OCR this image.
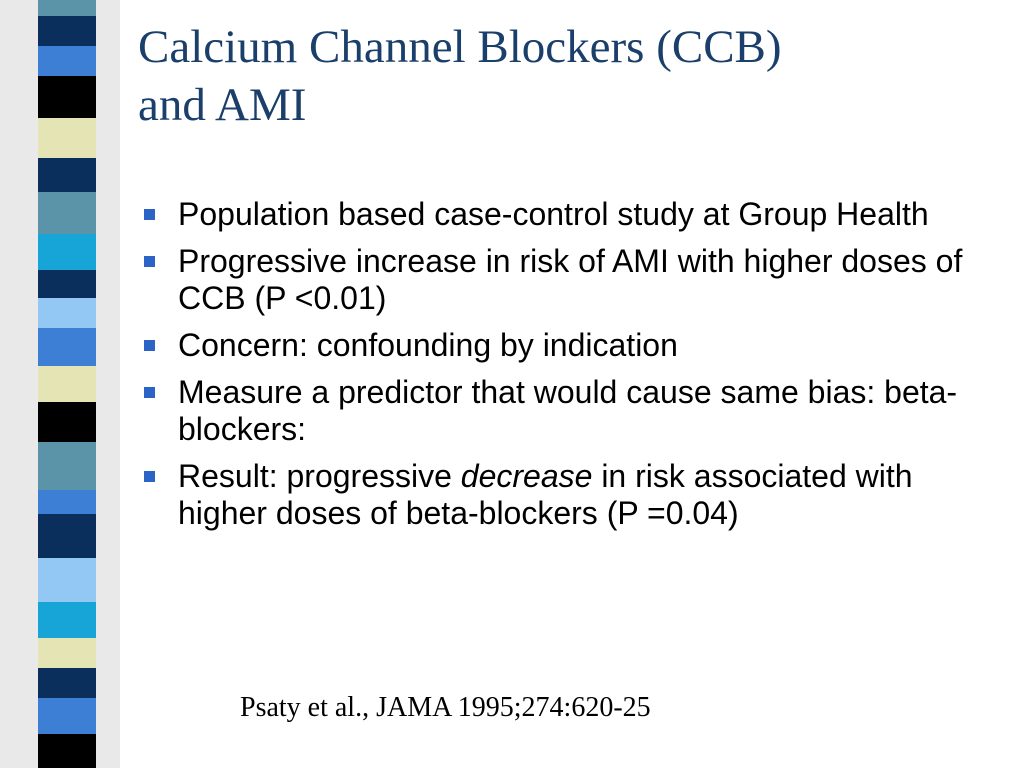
Calcium Channel Blockers (CCB)
and AMI
Population based case-control study at Group Health
Progressive increase in risk of AMI with higher doses of CCB (P <0.01)
Concern: confounding by indication
Measure a predictor that would cause same bias: beta-blockers:
Result: progressive decrease in risk associated with higher doses of beta-blockers (P =0.04)
Psaty et al., JAMA 1995;274:620-25
